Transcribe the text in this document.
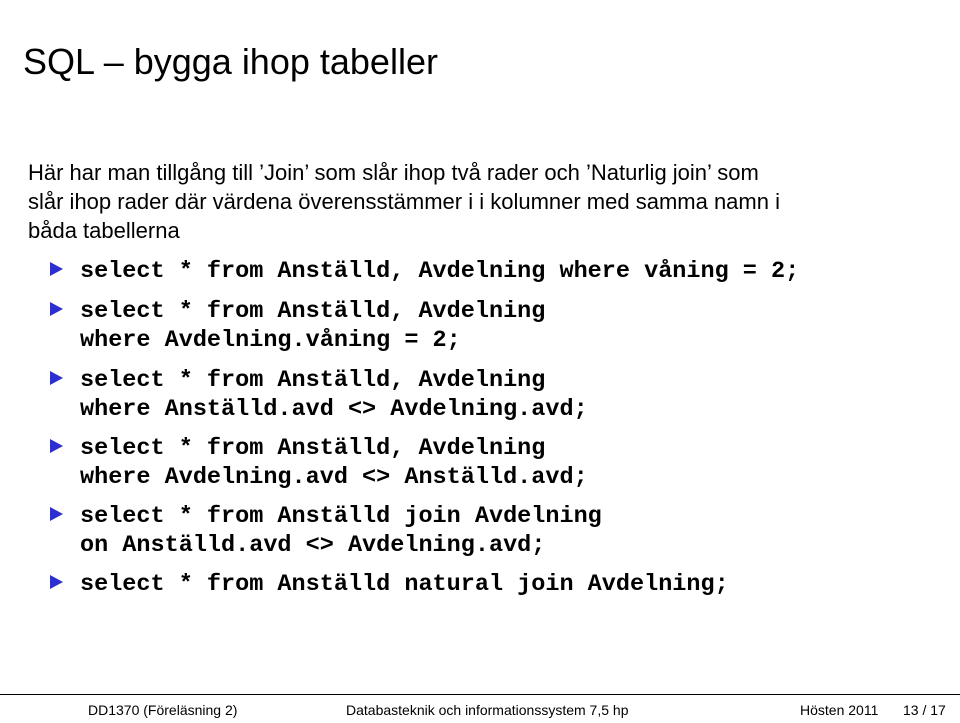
SQL – bygga ihop tabeller
Här har man tillgång till ’Join’ som slår ihop två rader och ’Naturlig join’ som
slår ihop rader där värdena överensstämmer i i kolumner med samma namn i
båda tabellerna
select * from Anställd, Avdelning where våning = 2;
select * from Anställd, Avdelning
where Avdelning.våning = 2;
select * from Anställd, Avdelning
where Anställd.avd <> Avdelning.avd;
select * from Anställd, Avdelning
where Avdelning.avd <> Anställd.avd;
select * from Anställd join Avdelning
on Anställd.avd <> Avdelning.avd;
select * from Anställd natural join Avdelning;
DD1370 (Föreläsning 2)	Databasteknik och informationssystem 7,5 hp	Hösten 2011 13 / 17
